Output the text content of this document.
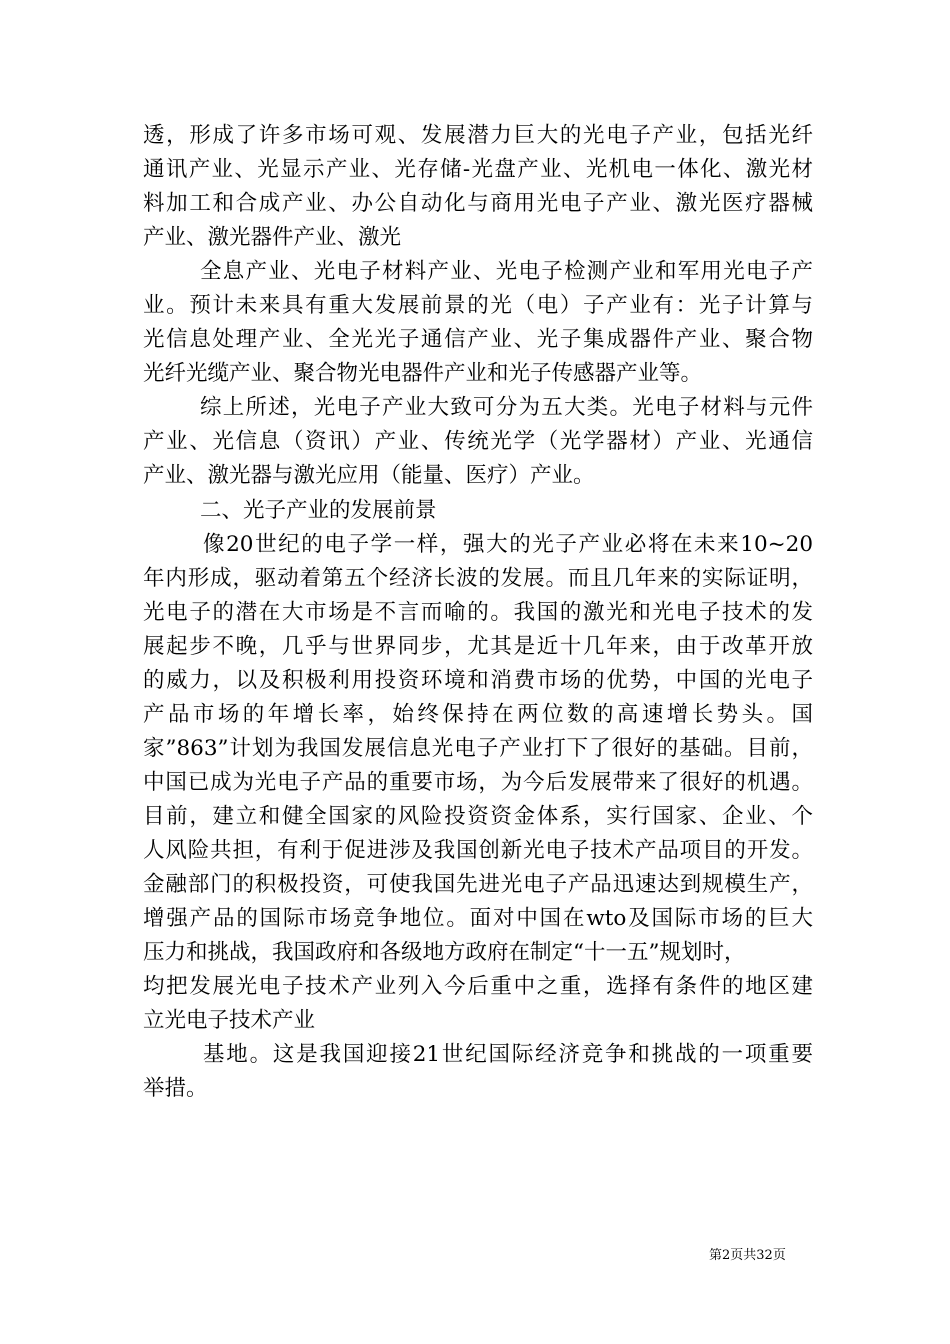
透，形成了许多市场可观、发展潜力巨大的光电子产业，包括光纤
通讯产业、光显示产业、光存储-光盘产业、光机电一体化、激光材
料加工和合成产业、办公自动化与商用光电子产业、激光医疗器械
产业、激光器件产业、激光
全息产业、光电子材料产业、光电子检测产业和军用光电子产
业。预计未来具有重大发展前景的光（电）子产业有：光子计算与
光信息处理产业、全光光子通信产业、光子集成器件产业、聚合物
光纤光缆产业、聚合物光电器件产业和光子传感器产业等。
综上所述，光电子产业大致可分为五大类。光电子材料与元件
产业、光信息（资讯）产业、传统光学（光学器材）产业、光通信
产业、激光器与激光应用（能量、医疗）产业。
二、光子产业的发展前景
像20世纪的电子学一样，强大的光子产业必将在未来10~20
年内形成，驱动着第五个经济长波的发展。而且几年来的实际证明，
光电子的潜在大市场是不言而喻的。我国的激光和光电子技术的发
展起步不晚，几乎与世界同步，尤其是近十几年来，由于改革开放
的威力，以及积极利用投资环境和消费市场的优势，中国的光电子
产品市场的年增长率，始终保持在两位数的高速增长势头。国
家”863”计划为我国发展信息光电子产业打下了很好的基础。目前，
中国已成为光电子产品的重要市场，为今后发展带来了很好的机遇。
目前，建立和健全国家的风险投资资金体系，实行国家、企业、个
人风险共担，有利于促进涉及我国创新光电子技术产品项目的开发。
金融部门的积极投资，可使我国先进光电子产品迅速达到规模生产，
增强产品的国际市场竞争地位。面对中国在wto及国际市场的巨大
压力和挑战，我国政府和各级地方政府在制定“十一五”规划时，
均把发展光电子技术产业列入今后重中之重，选择有条件的地区建
立光电子技术产业
基地。这是我国迎接21世纪国际经济竞争和挑战的一项重要
举措。
第2页共32页
